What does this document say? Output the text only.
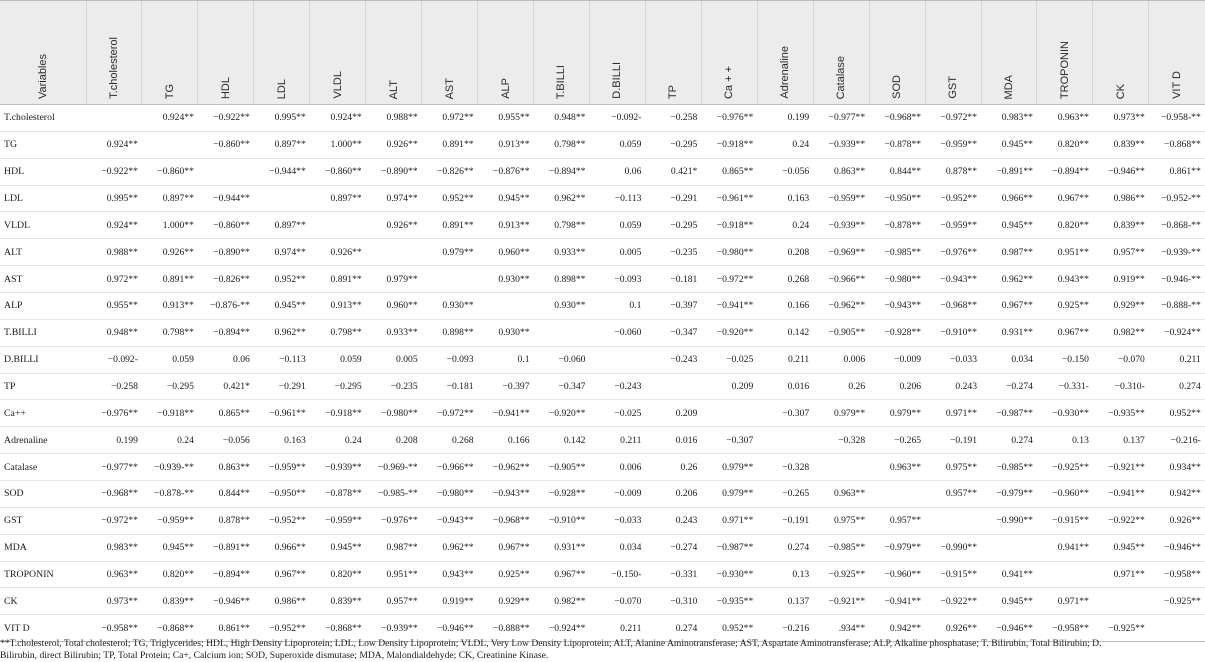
Variables	T.cholesterol	TG	HDL	LDL	VLDL	ALT	AST	ALP	T.BILLI	D.BILLI	TP	Ca + +	Adrenaline	Catalase	SOD	GST	MDA	TROPONIN	CK	VIT D

T.cholesterol		0.924**	−0.922**	0.995**	0.924**	0.988**	0.972**	0.955**	0.948**	−0.092-	−0.258	−0.976**	0.199	−0.977**	−0.968**	−0.972**	0.983**	0.963**	0.973**	−0.958-**
TG	0.924**		−0.860**	0.897**	1.000**	0.926**	0.891**	0.913**	0.798**	0.059	−0.295	−0.918**	0.24	−0.939**	−0.878**	−0.959**	0.945**	0.820**	0.839**	−0.868**
HDL	−0.922**	−0.860**		−0.944**	−0.860**	−0.890**	−0.826**	−0.876**	−0.894**	0.06	0.421*	0.865**	−0.056	0.863**	0.844**	0.878**	−0.891**	−0.894**	−0.946**	0.861**
LDL	0.995**	0.897**	−0.944**		0.897**	0.974**	0.952**	0.945**	0.962**	−0.113	−0.291	−0.961**	0.163	−0.959**	−0.950**	−0.952**	0.966**	0.967**	0.986**	−0.952-**
VLDL	0.924**	1.000**	−0.860**	0.897**		0.926**	0.891**	0.913**	0.798**	0.059	−0.295	−0.918**	0.24	−0.939**	−0.878**	−0.959**	0.945**	0.820**	0.839**	−0.868-**
ALT	0.988**	0.926**	−0.890**	0.974**	0.926**		0.979**	0.960**	0.933**	0.005	−0.235	−0.980**	0.208	−0.969**	−0.985**	−0.976**	0.987**	0.951**	0.957**	−0.939-**
AST	0.972**	0.891**	−0.826**	0.952**	0.891**	0.979**		0.930**	0.898**	−0.093	−0.181	−0.972**	0.268	−0.966**	−0.980**	−0.943**	0.962**	0.943**	0.919**	−0.946-**
ALP	0.955**	0.913**	−0.876-**	0.945**	0.913**	0.960**	0.930**		0.930**	0.1	−0.397	−0.941**	0.166	−0.962**	−0.943**	−0.968**	0.967**	0.925**	0.929**	−0.888-**
T.BILLI	0.948**	0.798**	−0.894**	0.962**	0.798**	0.933**	0.898**	0.930**		−0.060	−0.347	−0.920**	0.142	−0.905**	−0.928**	−0.910**	0.931**	0.967**	0.982**	−0.924**
D.BILLI	−0.092-	0.059	0.06	−0.113	0.059	0.005	−0.093	0.1	−0.060		−0.243	−0.025	0.211	0.006	−0.009	−0.033	0.034	−0.150	−0.070	0.211
TP	−0.258	−0.295	0.421*	−0.291	−0.295	−0.235	−0.181	−0.397	−0.347	−0.243		0.209	0.016	0.26	0.206	0.243	−0.274	−0.331-	−0.310-	0.274
Ca++	−0.976**	−0.918**	0.865**	−0.961**	−0.918**	−0.980**	−0.972**	−0.941**	−0.920**	−0.025	0.209		−0.307	0.979**	0.979**	0.971**	−0.987**	−0.930**	−0.935**	0.952**
Adrenaline	0.199	0.24	−0.056	0.163	0.24	0.208	0.268	0.166	0.142	0.211	0.016	−0.307		−0.328	−0.265	−0.191	0.274	0.13	0.137	−0.216-
Catalase	−0.977**	−0.939-**	0.863**	−0.959**	−0.939**	−0.969-**	−0.966**	−0.962**	−0.905**	0.006	0.26	0.979**	−0.328		0.963**	0.975**	−0.985**	−0.925**	−0.921**	0.934**
SOD	−0.968**	−0.878-**	0.844**	−0.950**	−0.878**	−0.985-**	−0.980**	−0.943**	−0.928**	−0.009	0.206	0.979**	−0.265	0.963**		0.957**	−0.979**	−0.960**	−0.941**	0.942**
GST	−0.972**	−0.959**	0.878**	−0.952**	−0.959**	−0.976**	−0.943**	−0.968**	−0.910**	−0.033	0.243	0.971**	−0.191	0.975**	0.957**		−0.990**	−0.915**	−0.922**	0.926**
MDA	0.983**	0.945**	−0.891**	0.966**	0.945**	0.987**	0.962**	0.967**	0.931**	0.034	−0.274	−0.987**	0.274	−0.985**	−0.979**	−0.990**		0.941**	0.945**	−0.946**
TROPONIN	0.963**	0.820**	−0.894**	0.967**	0.820**	0.951**	0.943**	0.925**	0.967**	−0.150-	−0.331	−0.930**	0.13	−0.925**	−0.960**	−0.915**	0.941**		0.971**	−0.958**
CK	0.973**	0.839**	−0.946**	0.986**	0.839**	0.957**	0.919**	0.929**	0.982**	−0.070	−0.310	−0.935**	0.137	−0.921**	−0.941**	−0.922**	0.945**	0.971**		−0.925**
VIT D	−0.958**	−0.868**	0.861**	−0.952**	−0.868**	−0.939**	−0.946**	−0.888**	−0.924**	0.211	0.274	0.952**	−0.216	.934**	0.942**	0.926**	−0.946**	−0.958**	−0.925**	
**T.cholesterol, Total cholesterol; TG, Triglycerides; HDL, High Density Lipoprotein; LDL, Low Density Lipoprotein; VLDL, Very Low Density Lipoprotein; ALT, Alanine Aminotransferase; AST, Aspartate Aminotransferase; ALP, Alkaline phosphatase; T. Bilirubin, Total Bilirubin; D. Bilirubin, direct Bilirubin; TP, Total Protein; Ca+, Calcium ion; SOD, Superoxide dismutase; MDA, Malondialdehyde; CK, Creatinine Kinase.
